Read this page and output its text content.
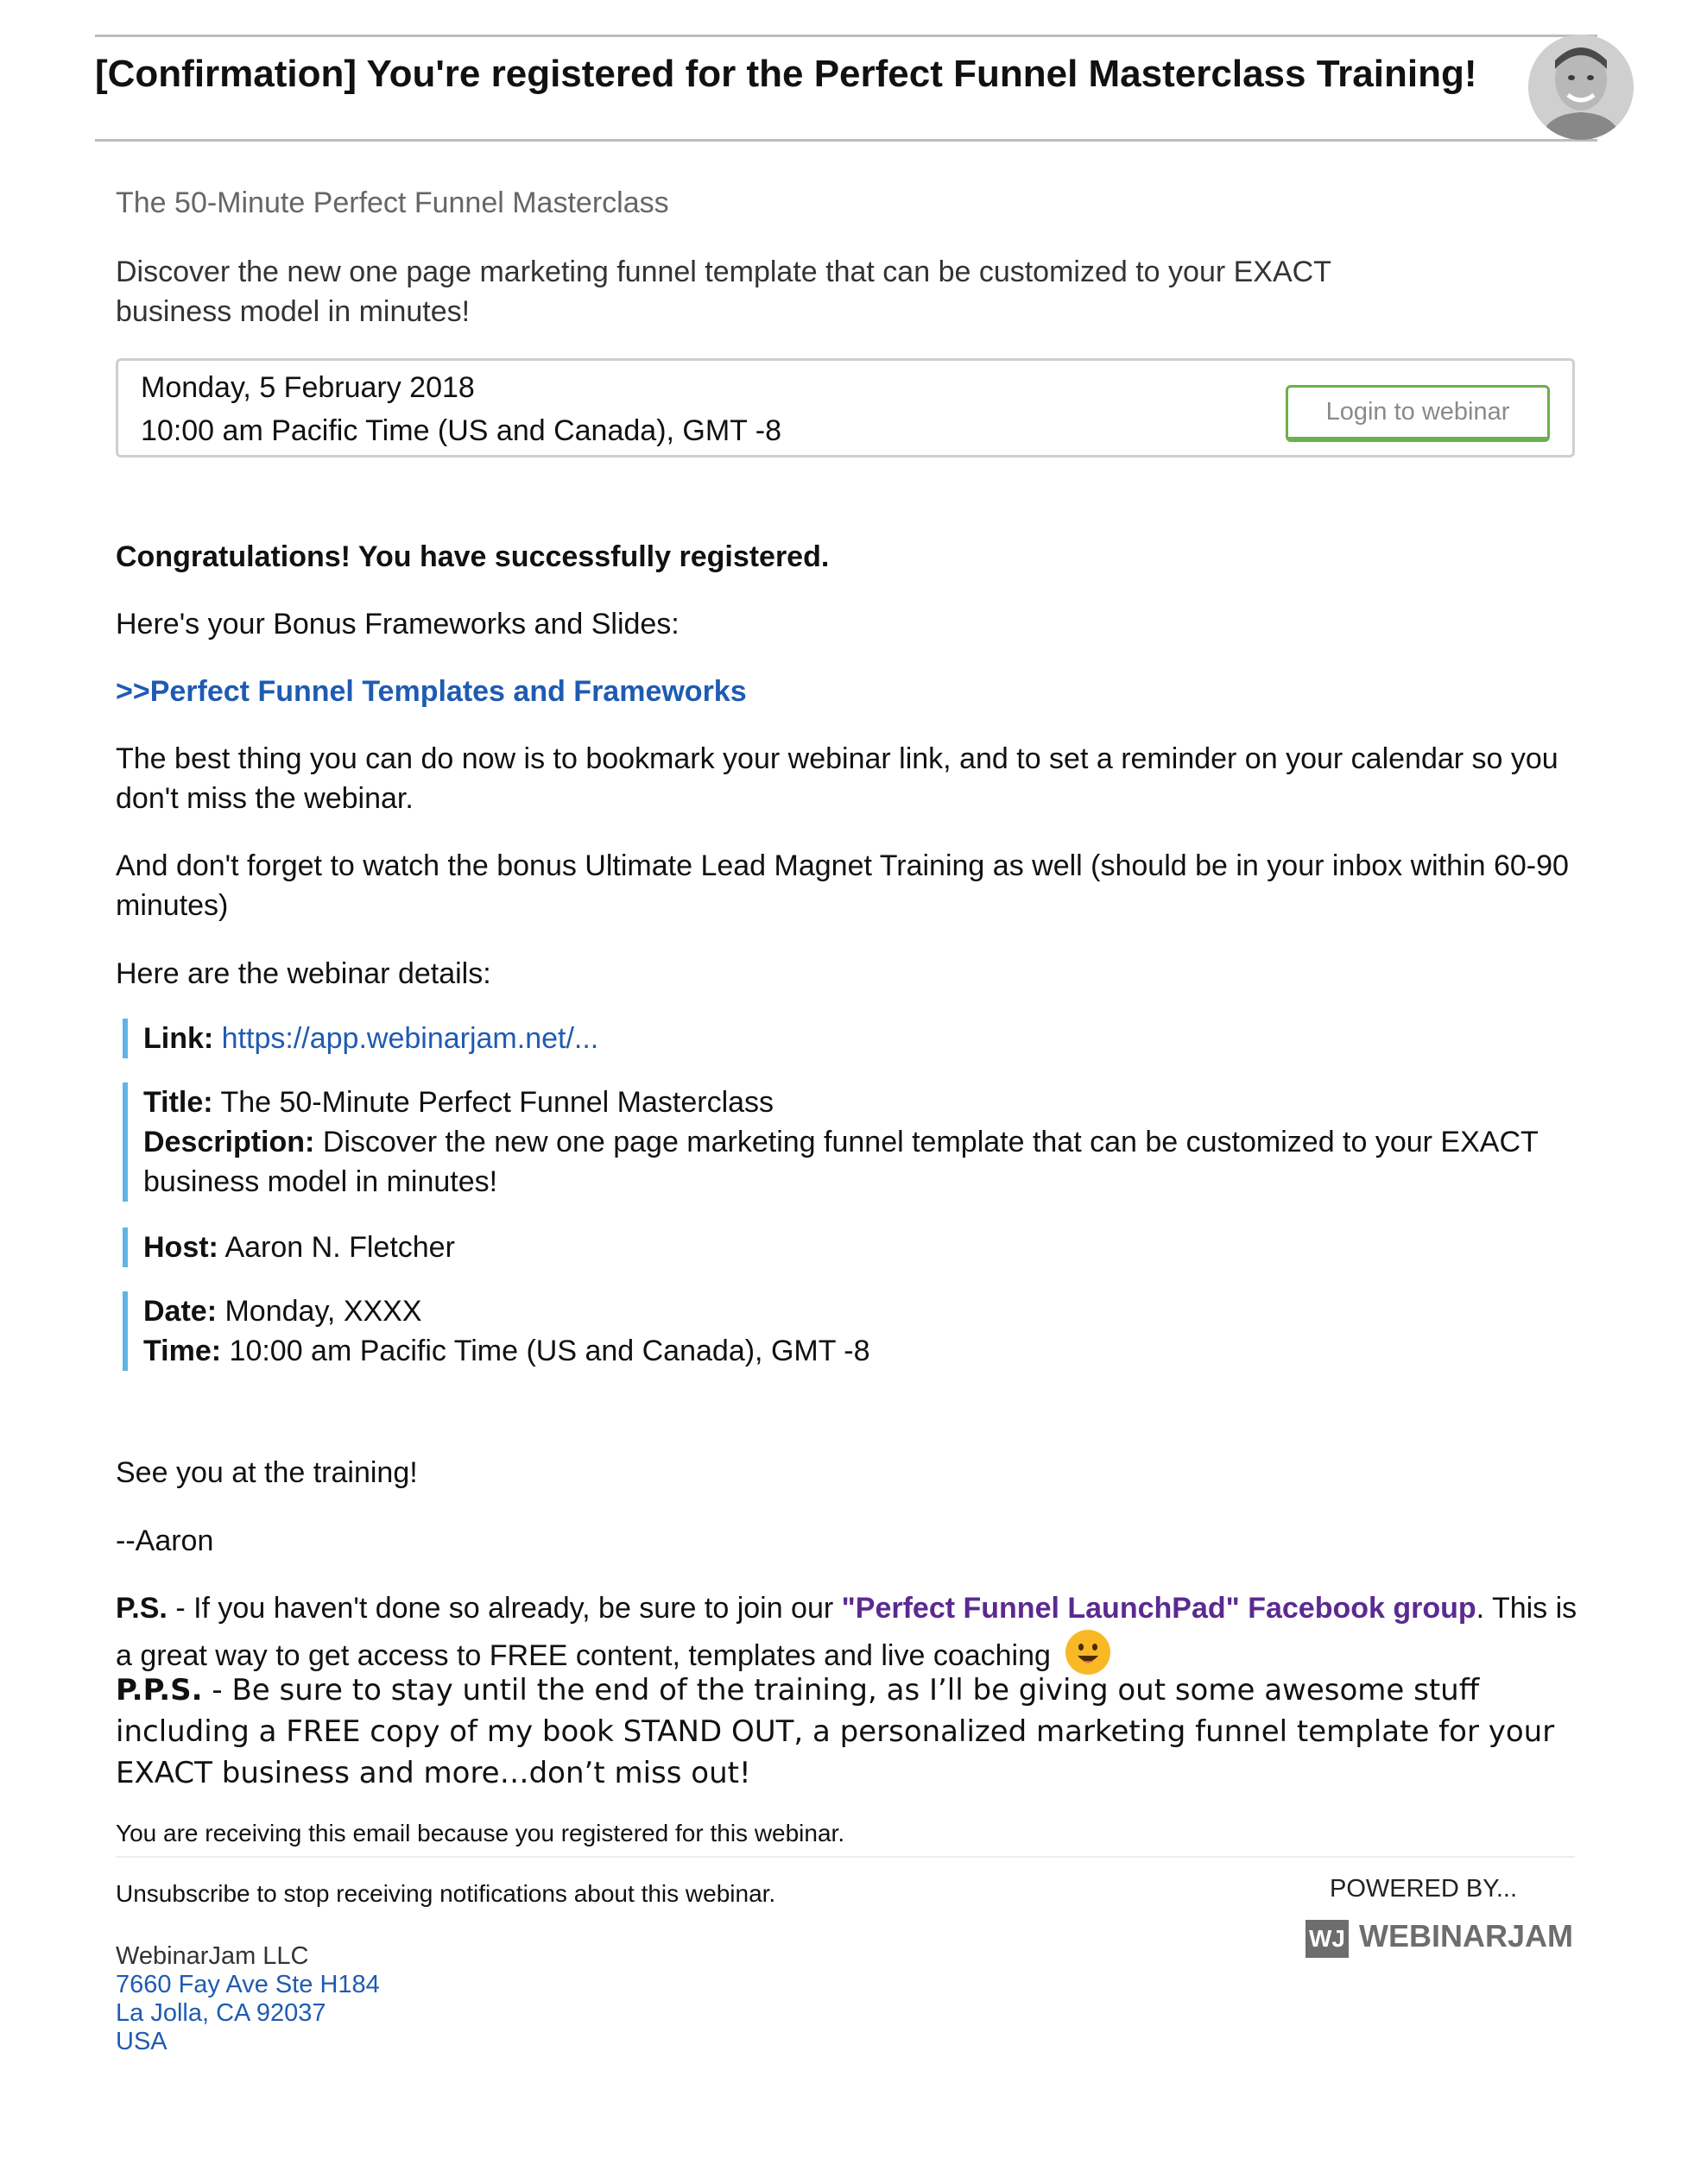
[Confirmation] You're registered for the Perfect Funnel Masterclass Training!
The 50-Minute Perfect Funnel Masterclass
Discover the new one page marketing funnel template that can be customized to your EXACT business model in minutes!
Monday, 5 February 2018
10:00 am Pacific Time (US and Canada), GMT -8
Login to webinar
Congratulations! You have successfully registered.
Here's your Bonus Frameworks and Slides:
>>Perfect Funnel Templates and Frameworks
The best thing you can do now is to bookmark your webinar link, and to set a reminder on your calendar so you
don't miss the webinar.
And don't forget to watch the bonus Ultimate Lead Magnet Training as well (should be in your inbox within 60-90
minutes)
Here are the webinar details:
Link: https://app.webinarjam.net/...
Title: The 50-Minute Perfect Funnel Masterclass
Description: Discover the new one page marketing funnel template that can be customized to your EXACT
business model in minutes!
Host: Aaron N. Fletcher
Date: Monday, XXXX
Time: 10:00 am Pacific Time (US and Canada), GMT -8
See you at the training!
--Aaron
P.S. - If you haven't done so already, be sure to join our "Perfect Funnel LaunchPad" Facebook group. This is
a great way to get access to FREE content, templates and live coaching
P.P.S. - Be sure to stay until the end of the training, as I’ll be giving out some awesome stuff
including a FREE copy of my book STAND OUT, a personalized marketing funnel template for your
EXACT business and more…don’t miss out!
You are receiving this email because you registered for this webinar.
Unsubscribe to stop receiving notifications about this webinar.
WebinarJam LLC
7660 Fay Ave Ste H184
La Jolla, CA 92037
USA
POWERED BY...
WJ WEBINARJAM
